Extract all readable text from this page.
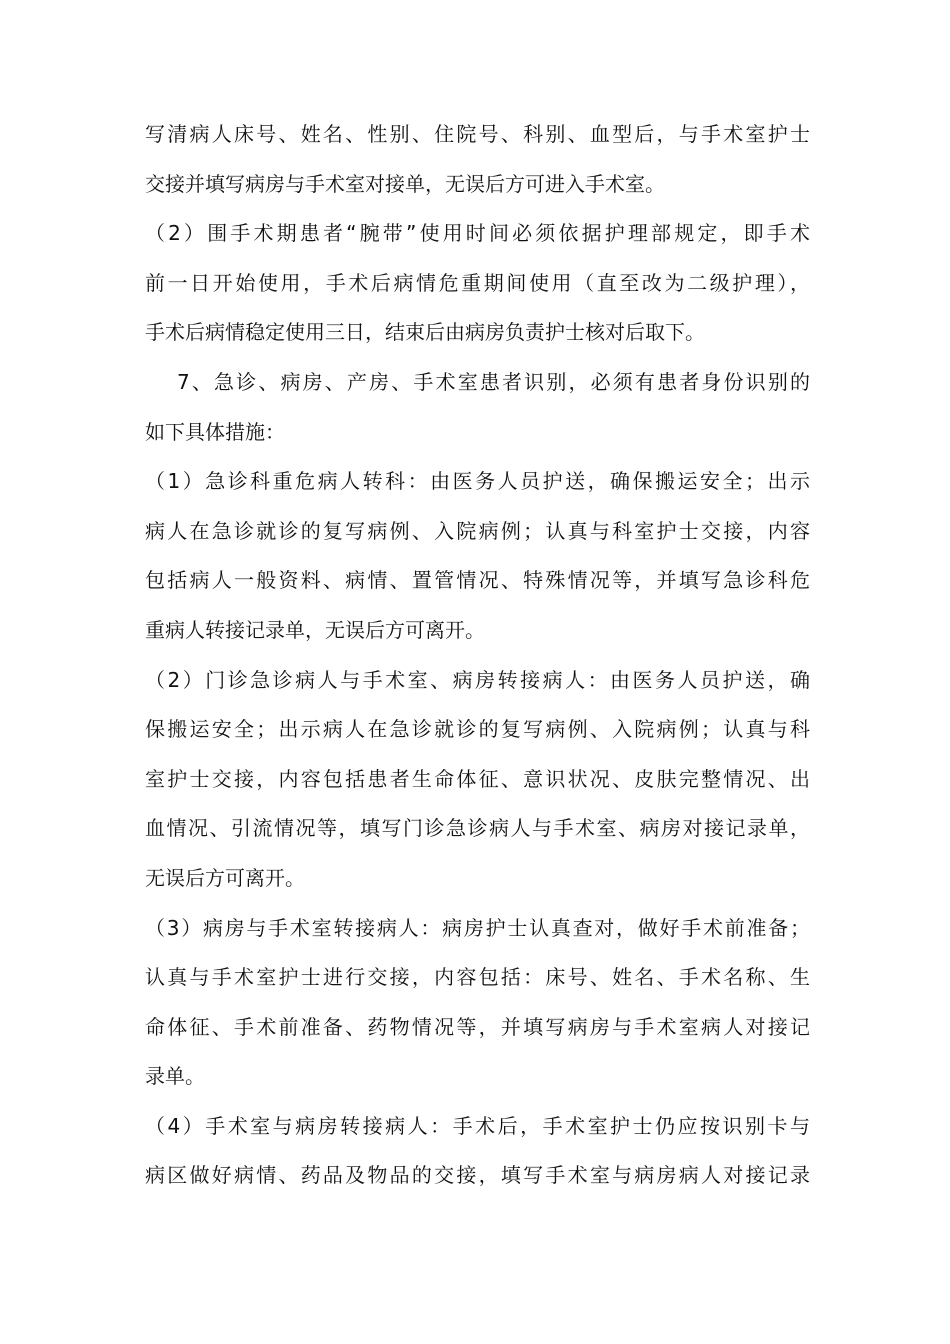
写清病人床号、姓名、性别、住院号、科别、血型后，与手术室护士
交接并填写病房与手术室对接单，无误后方可进入手术室。
（2）围手术期患者“腕带”使用时间必须依据护理部规定，即手术
前一日开始使用，手术后病情危重期间使用（直至改为二级护理），
手术后病情稳定使用三日，结束后由病房负责护士核对后取下。
7、急诊、病房、产房、手术室患者识别，必须有患者身份识别的
如下具体措施：
（1）急诊科重危病人转科：由医务人员护送，确保搬运安全；出示
病人在急诊就诊的复写病例、入院病例；认真与科室护士交接，内容
包括病人一般资料、病情、置管情况、特殊情况等，并填写急诊科危
重病人转接记录单，无误后方可离开。
（2）门诊急诊病人与手术室、病房转接病人：由医务人员护送，确
保搬运安全；出示病人在急诊就诊的复写病例、入院病例；认真与科
室护士交接，内容包括患者生命体征、意识状况、皮肤完整情况、出
血情况、引流情况等，填写门诊急诊病人与手术室、病房对接记录单，
无误后方可离开。
（3）病房与手术室转接病人：病房护士认真查对，做好手术前准备；
认真与手术室护士进行交接，内容包括：床号、姓名、手术名称、生
命体征、手术前准备、药物情况等，并填写病房与手术室病人对接记
录单。
（4）手术室与病房转接病人：手术后，手术室护士仍应按识别卡与
病区做好病情、药品及物品的交接，填写手术室与病房病人对接记录
